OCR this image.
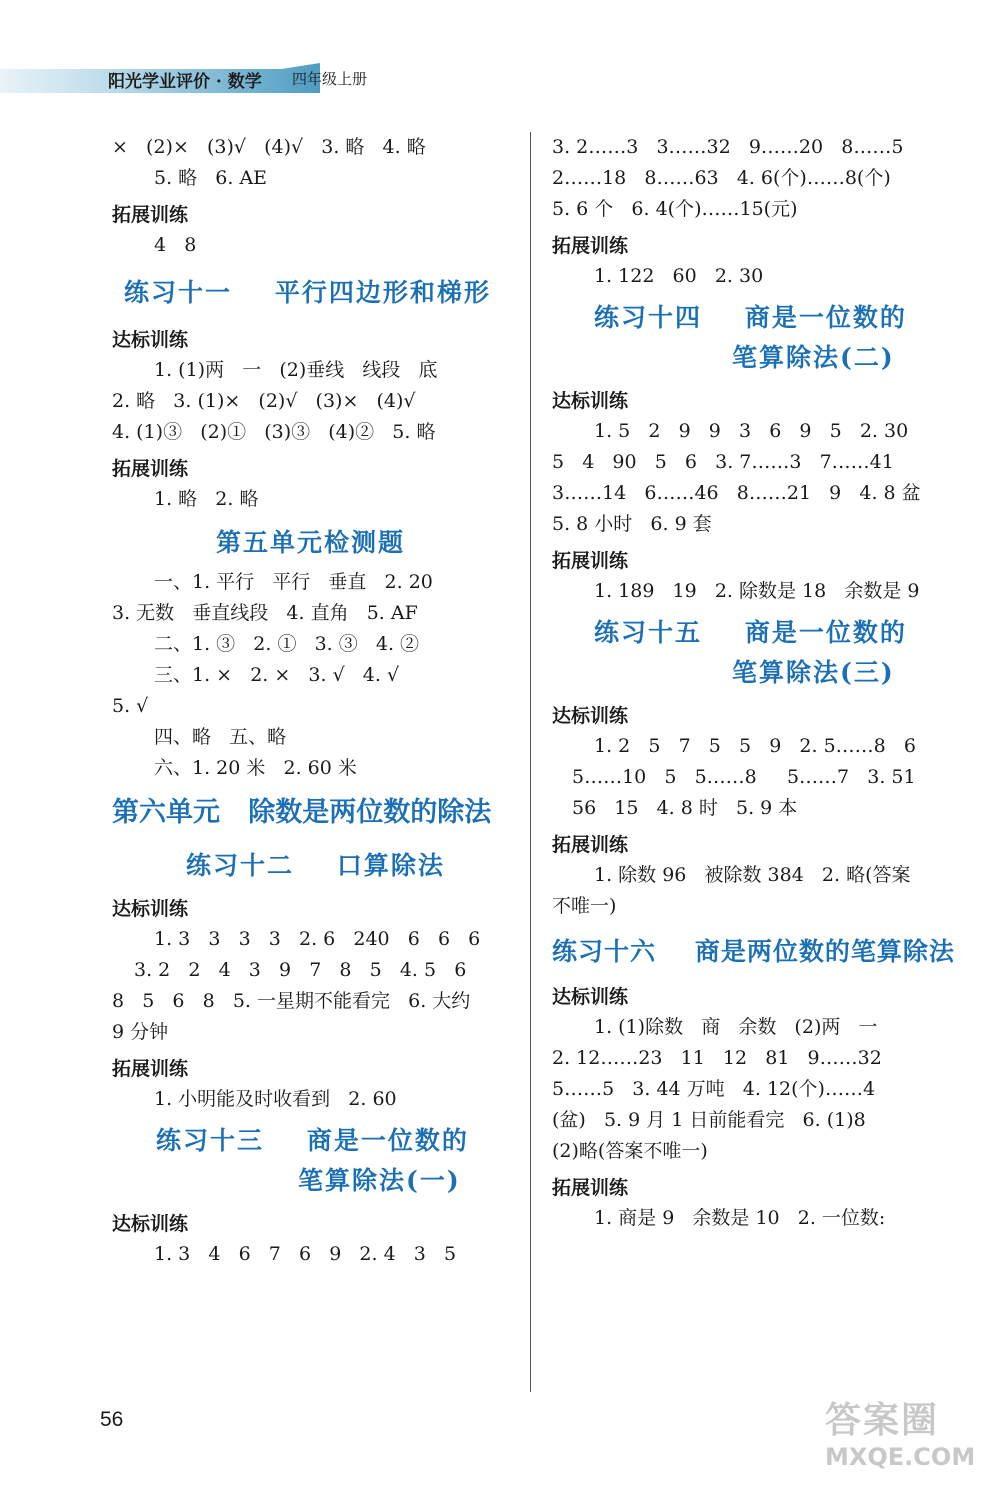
阳光学业评价 · 数学 四年级上册
×   (2)×   (3)√   (4)√   3. 略   4. 略
5. 略   6. AE
拓展训练
4   8
练习十一    平行四边形和梯形
达标训练
1. (1)两   一   (2)垂线   线段   底
2. 略   3. (1)×   (2)√   (3)×   (4)√
4. (1)③   (2)①   (3)③   (4)②   5. 略
拓展训练
1. 略   2. 略
第五单元检测题
一、1. 平行   平行   垂直   2. 20
3. 无数   垂直线段   4. 直角   5. AF
二、1. ③   2. ①   3. ③   4. ②
三、1. ×   2. ×   3. √   4. √
5. √
四、略   五、略
六、1. 20 米   2. 60 米
第六单元   除数是两位数的除法
练习十二    口算除法
达标训练
1. 3   3   3   3   2. 6   240   6   6   6
3. 2   2   4   3   9   7   8   5   4. 5   6
8   5   6   8   5. 一星期不能看完   6. 大约
9 分钟
拓展训练
1. 小明能及时收看到   2. 60
练习十三    商是一位数的
笔算除法(一)
达标训练
1. 3   4   6   7   6   9   2. 4   3   5
3. 2……3   3……32   9……20   8……5
2……18   8……63   4. 6(个)……8(个)
5. 6 个   6. 4(个)……15(元)
拓展训练
1. 122   60   2. 30
练习十四    商是一位数的
笔算除法(二)
达标训练
1. 5   2   9   9   3   6   9   5   2. 30
5   4   90   5   6   3. 7……3   7……41
3……14   6……46   8……21   9   4. 8 盆
5. 8 小时   6. 9 套
拓展训练
1. 189   19   2. 除数是 18   余数是 9
练习十五    商是一位数的
笔算除法(三)
达标训练
1. 2   5   7   5   5   9   2. 5……8   6
5……10   5   5……8     5……7   3. 51
56   15   4. 8 时   5. 9 本
拓展训练
1. 除数 96   被除数 384   2. 略(答案
不唯一)
练习十六    商是两位数的笔算除法
达标训练
1. (1)除数   商   余数   (2)两   一
2. 12……23   11   12   81   9……32
5……5   3. 44 万吨   4. 12(个)……4
(盆)   5. 9 月 1 日前能看完   6. (1)8
(2)略(答案不唯一)
拓展训练
1. 商是 9   余数是 10   2. 一位数:
56	答案圈
MXQE.COM
